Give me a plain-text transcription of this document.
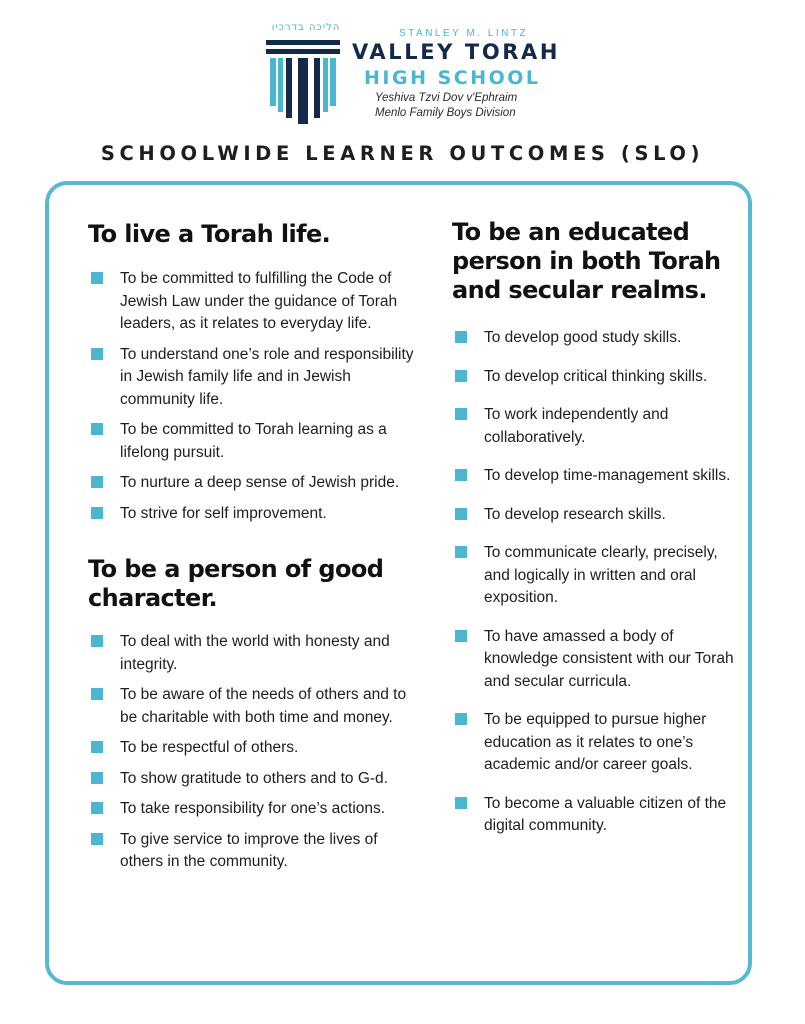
הליכה בדרכיו
STANLEY M. LINTZ
VALLEY TORAH
HIGH SCHOOL
Yeshiva Tzvi Dov v'Ephraim
Menlo Family Boys Division
SCHOOLWIDE LEARNER OUTCOMES (SLO)
To live a Torah life.
To be committed to fulfilling the Code of Jewish Law under the guidance of Torah leaders, as it relates to everyday life.
To understand one’s role and responsibility in Jewish family life and in Jewish community life.
To be committed to Torah learning as a lifelong pursuit.
To nurture a deep sense of Jewish pride.
To strive for self improvement.
To be a person of good character.
To deal with the world with honesty and integrity.
To be aware of the needs of others and to be charitable with both time and money.
To be respectful of others.
To show gratitude to others and to G-d.
To take responsibility for one’s actions.
To give service to improve the lives of others in the community.
To be an educated person in both Torah and secular realms.
To develop good study skills.
To develop critical thinking skills.
To work independently and collaboratively.
To develop time-management skills.
To develop research skills.
To communicate clearly, precisely, and logically in written and oral exposition.
To have amassed a body of knowledge consistent with our Torah and secular curricula.
To be equipped to pursue higher education as it relates to one’s academic and/or career goals.
To become a valuable citizen of the digital community.
